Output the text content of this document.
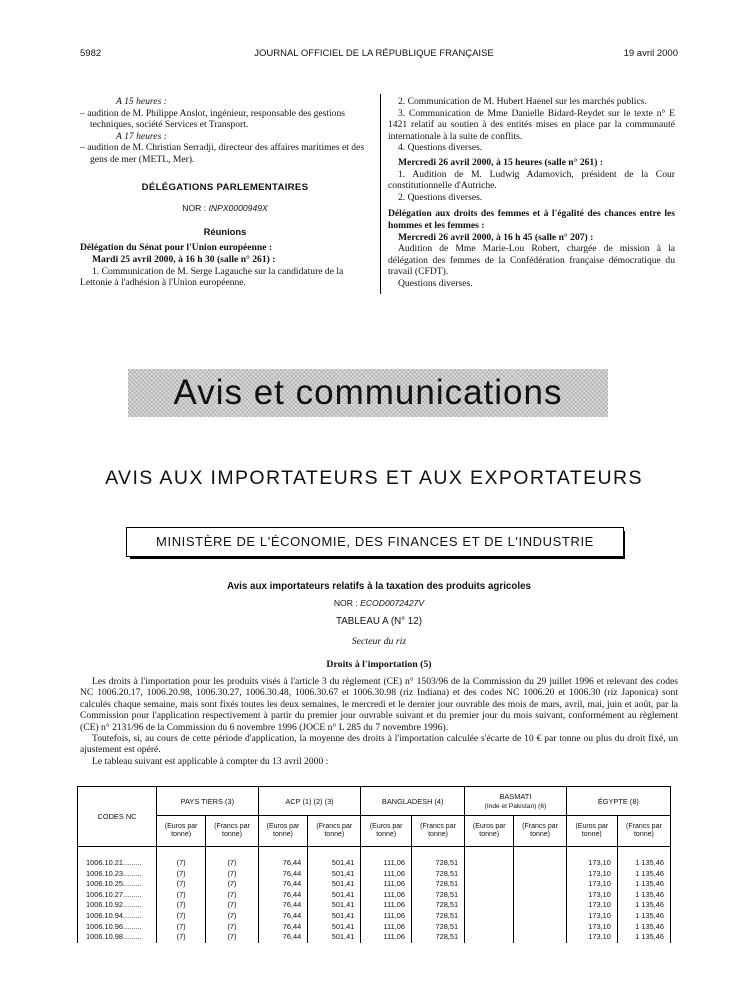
5982	JOURNAL OFFICIEL DE LA RÉPUBLIQUE FRANÇAISE	19 avril 2000

A 15 heures :

– audition de M. Philippe Anslot, ingénieur, responsable des gestions techniques, société Services et Transport.

A 17 heures :

– audition de M. Christian Serradji, directeur des affaires maritimes et des gens de mer (METL, Mer).

DÉLÉGATIONS PARLEMENTAIRES

NOR : INPX0000949X

Réunions

Délégation du Sénat pour l'Union européenne :

Mardi 25 avril 2000, à 16 h 30 (salle n° 261) :

1. Communication de M. Serge Lagauche sur la candidature de la Lettonie à l'adhésion à l'Union européenne.

2. Communication de M. Hubert Haenel sur les marchés publics.

3. Communication de Mme Danielle Bidard-Reydet sur le texte n° E 1421 relatif au soutien à des entités mises en place par la communauté internationale à la suite de conflits.

4. Questions diverses.

Mercredi 26 avril 2000, à 15 heures (salle n° 261) :

1. Audition de M. Ludwig Adamovich, président de la Cour constitutionnelle d'Autriche.

2. Questions diverses.

Délégation aux droits des femmes et à l'égalité des chances entre les hommes et les femmes :

Mercredi 26 avril 2000, à 16 h 45 (salle n° 207) :

Audition de Mme Marie-Lou Robert, chargée de mission à la délégation des femmes de la Confédération française démocratique du travail (CFDT).

Questions diverses.

Avis et communications
AVIS AUX IMPORTATEURS ET AUX EXPORTATEURS
MINISTÈRE DE L'ÉCONOMIE, DES FINANCES ET DE L'INDUSTRIE
Avis aux importateurs relatifs à la taxation des produits agricoles
NOR : ECOD0072427V
TABLEAU A (N° 12)
Secteur du riz
Droits à l'importation (5)

Les droits à l'importation pour les produits visés à l'article 3 du règlement (CE) n° 1503/96 de la Commission du 29 juillet 1996 et relevant des codes NC 1006.20.17, 1006.20.98, 1006.30.27, 1006.30.48, 1006.30.67 et 1006.30.98 (riz Indiana) et des codes NC 1006.20 et 1006.30 (riz Japonica) sont calculés chaque semaine, mais sont fixés toutes les deux semaines, le mercredi et le dernier jour ouvrable des mois de mars, avril, mai, juin et août, par la Commission pour l'application respectivement à partir du premier jour ouvrable suivant et du premier jour du mois suivant, conformément au règlement (CE) n° 2131/96 de la Commission du 6 novembre 1996 (JOCE n° L 285 du 7 novembre 1996).

Toutefois, si, au cours de cette période d'application, la moyenne des droits à l'importation calculée s'écarte de 10 € par tonne ou plus du droit fixé, un ajustement est opéré.

Le tableau suivant est applicable à compter du 13 avril 2000 :

CODES NC	PAYS TIERS (3)		ACP (1) (2) (3)		BANGLADESH (4)		BASMATI
(Inde et Pakistan) (6)		ÉGYPTE (8)	
	(Euros par tonne)	(Francs par tonne)	(Euros par tonne)	(Francs par tonne)	(Euros par tonne)	(Francs par tonne)	(Euros par tonne)	(Francs par tonne)	(Euros par tonne)	(Francs par tonne)

1006.10.21.........	(7)	(7)	76,44	501,41	111,06	728,51			173,10	1 135,46
1006.10.23.........	(7)	(7)	76,44	501,41	111,06	728,51			173,10	1 135,46
1006.10.25.........	(7)	(7)	76,44	501,41	111,06	728,51			173,10	1 135,46
1006.10.27.........	(7)	(7)	76,44	501,41	111,06	728,51			173,10	1 135,46
1006.10.92.........	(7)	(7)	76,44	501,41	111,06	728,51			173,10	1 135,46
1006.10.94.........	(7)	(7)	76,44	501,41	111,06	728,51			173,10	1 135,46
1006.10.96.........	(7)	(7)	76,44	501,41	111,06	728,51			173,10	1 135,46
1006.10.98.........	(7)	(7)	76,44	501,41	111,06	728,51			173,10	1 135,46
